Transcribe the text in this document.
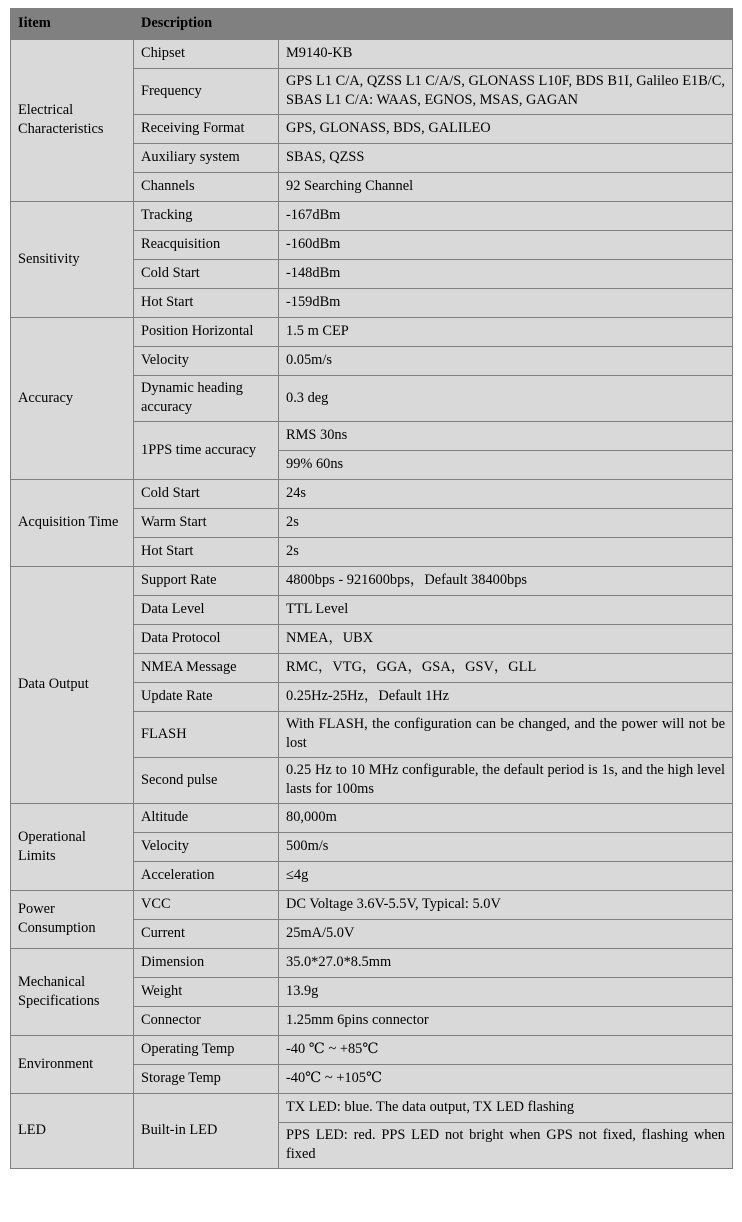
Iitem	Description	
Electrical Characteristics	Chipset	M9140-KB
	Frequency	GPS L1 C/A, QZSS L1 C/A/S, GLONASS L10F, BDS B1I, Galileo E1B/C, SBAS L1 C/A: WAAS, EGNOS, MSAS, GAGAN
	Receiving Format	GPS, GLONASS, BDS, GALILEO
	Auxiliary system	SBAS, QZSS
	Channels	92 Searching Channel
Sensitivity	Tracking	-167dBm
	Reacquisition	-160dBm
	Cold Start	-148dBm
	Hot Start	-159dBm
Accuracy	Position Horizontal	1.5 m CEP
	Velocity	0.05m/s
	Dynamic heading accuracy	0.3 deg
	1PPS time accuracy	RMS 30ns
		99% 60ns
Acquisition Time	Cold Start	24s
	Warm Start	2s
	Hot Start	2s
Data Output	Support Rate	4800bps - 921600bps，Default 38400bps
	Data Level	TTL Level
	Data Protocol	NMEA，UBX
	NMEA Message	RMC，VTG，GGA，GSA，GSV，GLL
	Update Rate	0.25Hz-25Hz，Default 1Hz
	FLASH	With FLASH, the configuration can be changed, and the power will not be lost
	Second pulse	0.25 Hz to 10 MHz configurable, the default period is 1s, and the high level lasts for 100ms
Operational Limits	Altitude	80,000m
	Velocity	500m/s
	Acceleration	≤4g
Power Consumption	VCC	DC Voltage 3.6V-5.5V, Typical: 5.0V
	Current	25mA/5.0V
Mechanical Specifications	Dimension	35.0*27.0*8.5mm
	Weight	13.9g
	Connector	1.25mm 6pins connector
Environment	Operating Temp	-40 ℃ ~ +85℃
	Storage Temp	-40℃ ~ +105℃
LED	Built-in LED	TX LED: blue. The data output, TX LED flashing
		PPS LED: red. PPS LED not bright when GPS not fixed, flashing when fixed
